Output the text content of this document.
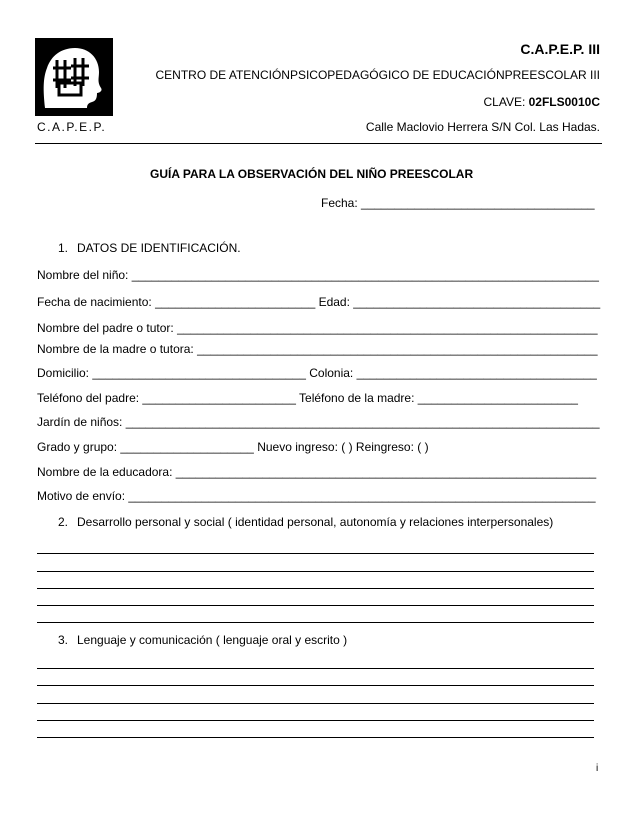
C.A.P.E.P.
C.A.P.E.P. III
CENTRO DE ATENCIÓNPSICOPEDAGÓGICO DE EDUCACIÓNPREESCOLAR III
CLAVE: 02FLS0010C
Calle Maclovio Herrera S/N Col. Las Hadas.
GUÍA PARA LA OBSERVACIÓN DEL NIÑO PREESCOLAR
Fecha: ___________________________________
1. DATOS DE IDENTIFICACIÓN.
Nombre del niño: ______________________________________________________________________
Fecha de nacimiento: ________________________ Edad: _____________________________________
Nombre del padre o tutor: _______________________________________________________________
Nombre de la madre o tutora: ____________________________________________________________
Domicilio: ________________________________ Colonia: ____________________________________
Teléfono del padre: _______________________ Teléfono de la madre: ________________________
Jardín de niños: _______________________________________________________________________
Grado y grupo: ____________________ Nuevo ingreso: ( ) Reingreso: ( )
Nombre de la educadora: _______________________________________________________________
Motivo de envío: ______________________________________________________________________
2. Desarrollo personal y social ( identidad personal, autonomía y relaciones interpersonales)
3. Lenguaje y comunicación ( lenguaje oral y escrito )
i
